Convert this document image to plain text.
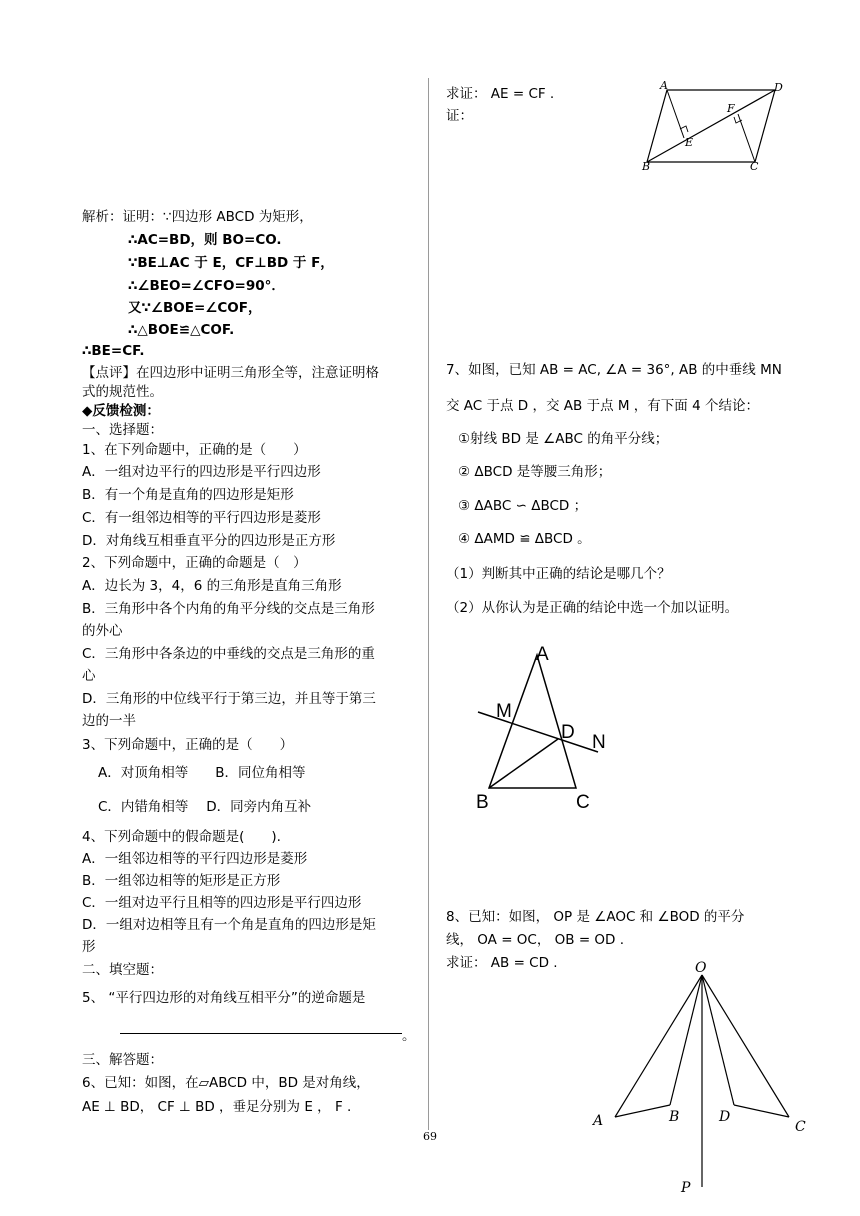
求证： AE = CF .
证：
A	D
F
E
B	C
解析：证明：∵四边形 ABCD 为矩形，
∴AC=BD，则 BO=CO.
∵BE⊥AC 于 E，CF⊥BD 于 F，
∴∠BEO=∠CFO=90°．
又∵∠BOE=∠COF，
∴△BOE≌△COF.
∴BE=CF.
【点评】在四边形中证明三角形全等，注意证明格
式的规范性。
◆反馈检测：
一、选择题：
1、在下列命题中，正确的是（　　）
A．一组对边平行的四边形是平行四边形
B．有一个角是直角的四边形是矩形
C．有一组邻边相等的平行四边形是菱形
D．对角线互相垂直平分的四边形是正方形
2、下列命题中，正确的命题是（　）
A．边长为 3，4，6 的三角形是直角三角形
B．三角形中各个内角的角平分线的交点是三角形
的外心
C．三角形中各条边的中垂线的交点是三角形的重
心
D．三角形的中位线平行于第三边，并且等于第三
边的一半
3、下列命题中，正确的是（　　）
A．对顶角相等　　B．同位角相等
C．内错角相等　 D．同旁内角互补
4、下列命题中的假命题是(　　).
A．一组邻边相等的平行四边形是菱形
B．一组邻边相等的矩形是正方形
C．一组对边平行且相等的四边形是平行四边形
D．一组对边相等且有一个角是直角的四边形是矩
形
二、填空题：
5、 “平行四边形的对角线互相平分”的逆命题是
。
三、解答题：
6、已知：如图，在▱ABCD 中，BD 是对角线，
AE ⊥ BD， CF ⊥ BD ，垂足分别为 E ， F .
69
7、如图，已知 AB = AC, ∠A = 36°, AB 的中垂线 MN
交 AC 于点 D ，交 AB 于点 M ，有下面 4 个结论：
①射线 BD 是 ∠ABC 的角平分线；
② ΔBCD 是等腰三角形；
③ ΔABC ∽ ΔBCD ；
④ ΔAMD ≌ ΔBCD 。
（1）判断其中正确的结论是哪几个？
（2）从你认为是正确的结论中选一个加以证明。
A
M
D N
B	C
8、已知：如图， OP 是 ∠AOC 和 ∠BOD 的平分
线， OA = OC， OB = OD .
求证： AB = CD .	O
A	B	D
C
P
